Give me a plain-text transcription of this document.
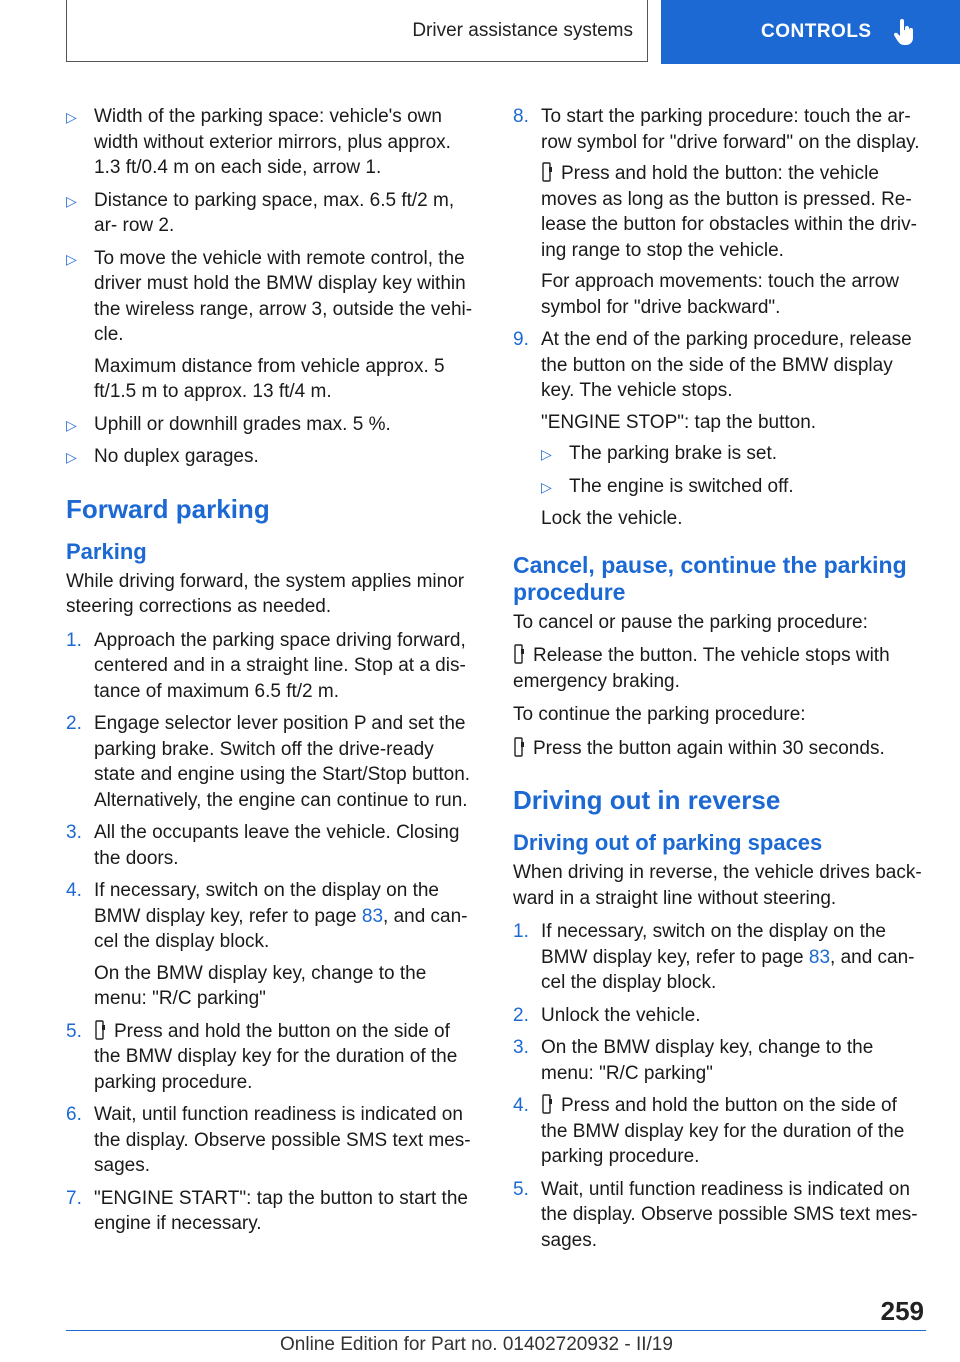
Driver assistance systems	CONTROLS
▷ Width of the parking space: vehicle's own width without exterior mirrors, plus approx. 1.3 ft/0.4 m on each side, arrow 1.
▷ Distance to parking space, max. 6.5 ft/2 m, ar- row 2.
▷ To move the vehicle with remote control, the driver must hold the BMW display key within the wireless range, arrow 3, outside the vehi- cle.

Maximum distance from vehicle approx. 5 ft/1.5 m to approx. 13 ft/4 m.

▷ Uphill or downhill grades max. 5 %.
▷ No duplex garages.
Forward parking
Parking

While driving forward, the system applies minor steering corrections as needed.

1. Approach the parking space driving forward, centered and in a straight line. Stop at a dis- tance of maximum 6.5 ft/2 m.
2. Engage selector lever position P and set the parking brake. Switch off the drive-ready state and engine using the Start/Stop button. Alternatively, the engine can continue to run.
3. All the occupants leave the vehicle. Closing the doors.
4. If necessary, switch on the display on the BMW display key, refer to page 83, and can- cel the display block.

On the BMW display key, change to the menu: "R/C parking"

5. Press and hold the button on the side of the BMW display key for the duration of the parking procedure.
6. Wait, until function readiness is indicated on the display. Observe possible SMS text mes- sages.
7. "ENGINE START": tap the button to start the engine if necessary.
8. To start the parking procedure: touch the ar- row symbol for "drive forward" on the display.

Press and hold the button: the vehicle moves as long as the button is pressed. Re- lease the button for obstacles within the driv- ing range to stop the vehicle.

For approach movements: touch the arrow symbol for "drive backward".

9. At the end of the parking procedure, release the button on the side of the BMW display key. The vehicle stops.

"ENGINE STOP": tap the button.

▷ The parking brake is set.
▷ The engine is switched off.

Lock the vehicle.

Cancel, pause, continue the parking procedure

To cancel or pause the parking procedure:

Release the button. The vehicle stops with emergency braking.

To continue the parking procedure:

Press the button again within 30 seconds.

Driving out in reverse
Driving out of parking spaces

When driving in reverse, the vehicle drives back- ward in a straight line without steering.

1. If necessary, switch on the display on the BMW display key, refer to page 83, and can- cel the display block.
2. Unlock the vehicle.
3. On the BMW display key, change to the menu: "R/C parking"
4. Press and hold the button on the side of the BMW display key for the duration of the parking procedure.
5. Wait, until function readiness is indicated on the display. Observe possible SMS text mes- sages.
259
Online Edition for Part no. 01402720932 - II/19
